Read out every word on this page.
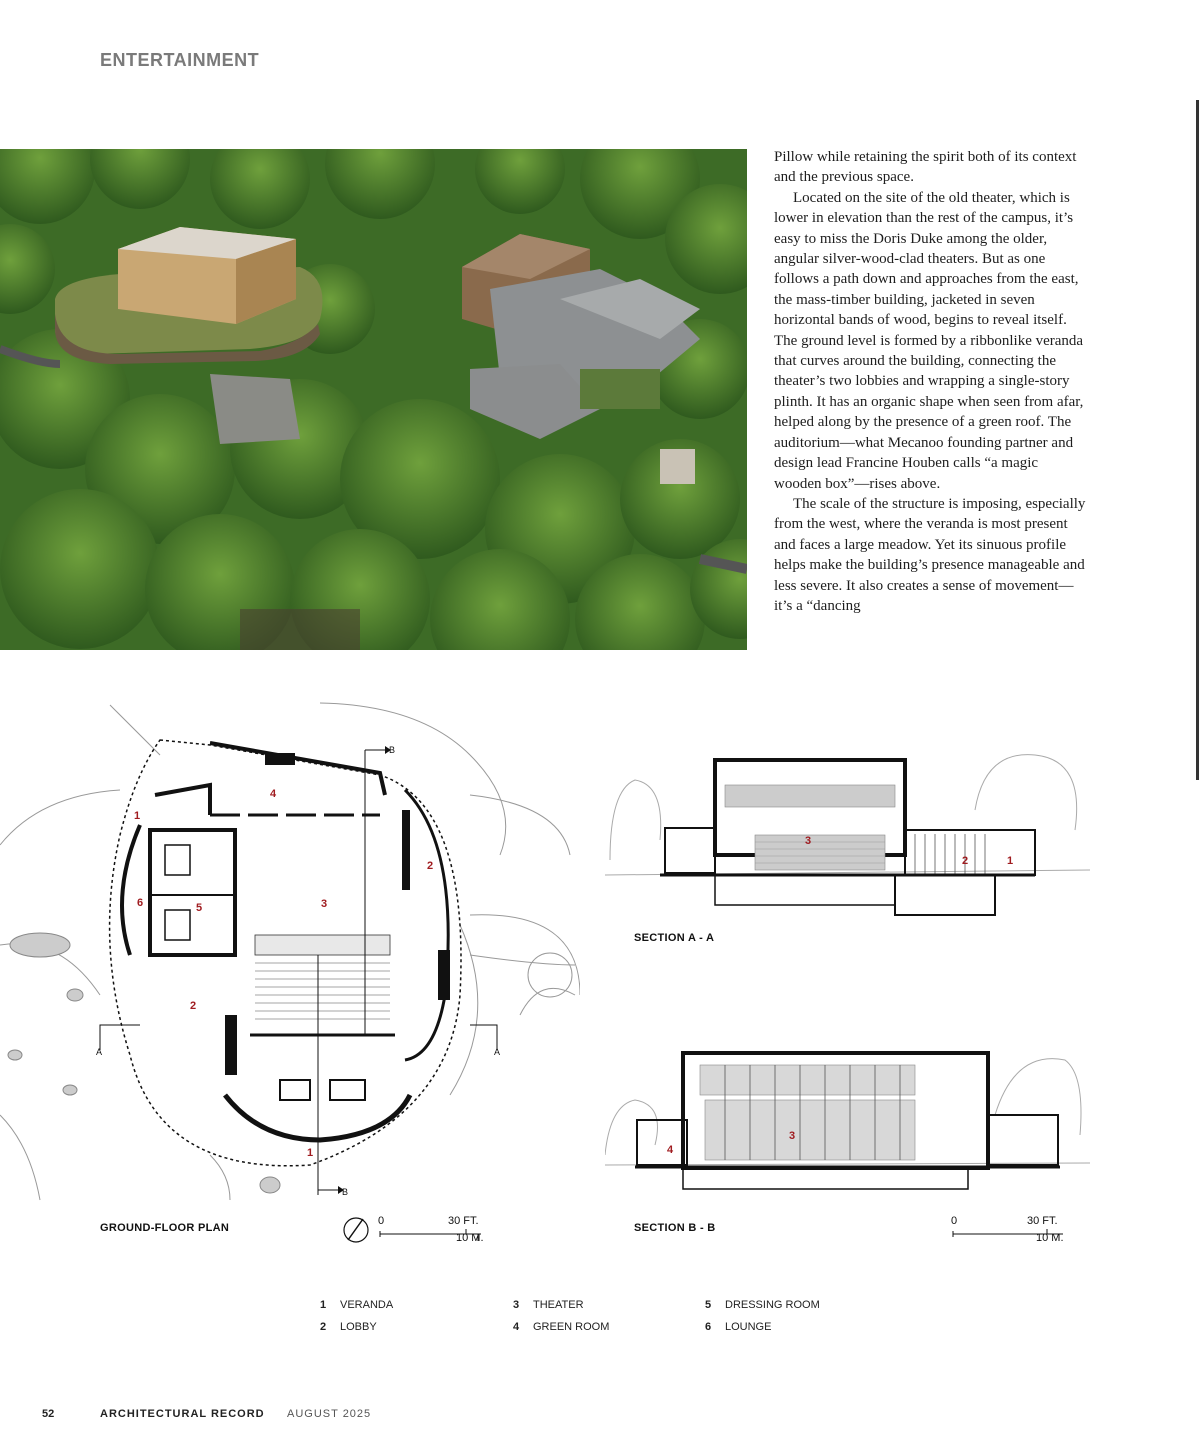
ENTERTAINMENT

Pillow while retaining the spirit both of its context and the previous space.

Located on the site of the old theater, which is lower in elevation than the rest of the campus, it’s easy to miss the Doris Duke among the older, angular silver-wood-clad theaters. But as one follows a path down and approaches from the east, the mass-timber building, jacketed in seven horizontal bands of wood, begins to reveal itself. The ground level is formed by a ribbonlike veranda that curves around the building, connecting the theater’s two lobbies and wrapping a single-story plinth. It has an organic shape when seen from afar, helped along by the presence of a green roof. The auditorium—what Mecanoo founding partner and design lead Francine Houben calls “a magic wooden box”—rises above.

The scale of the structure is imposing, especially from the west, where the veranda is most present and faces a large meadow. Yet its sinuous profile helps make the building’s presence manageable and less severe. It also creates a sense of movement—it’s a “dancing

1
2
3
4
5
6
2
1
A	A
B
B
3
2	1
4
3
SECTION A - A
GROUND-FLOOR PLAN	SECTION B - B
0	30 FT.
10 M.
0	30 FT.
10 M.
1	VERANDA
2	LOBBY
3	THEATER
4	GREEN ROOM
5	DRESSING ROOM
6	LOUNGE
52	ARCHITECTURAL RECORD AUGUST 2025
